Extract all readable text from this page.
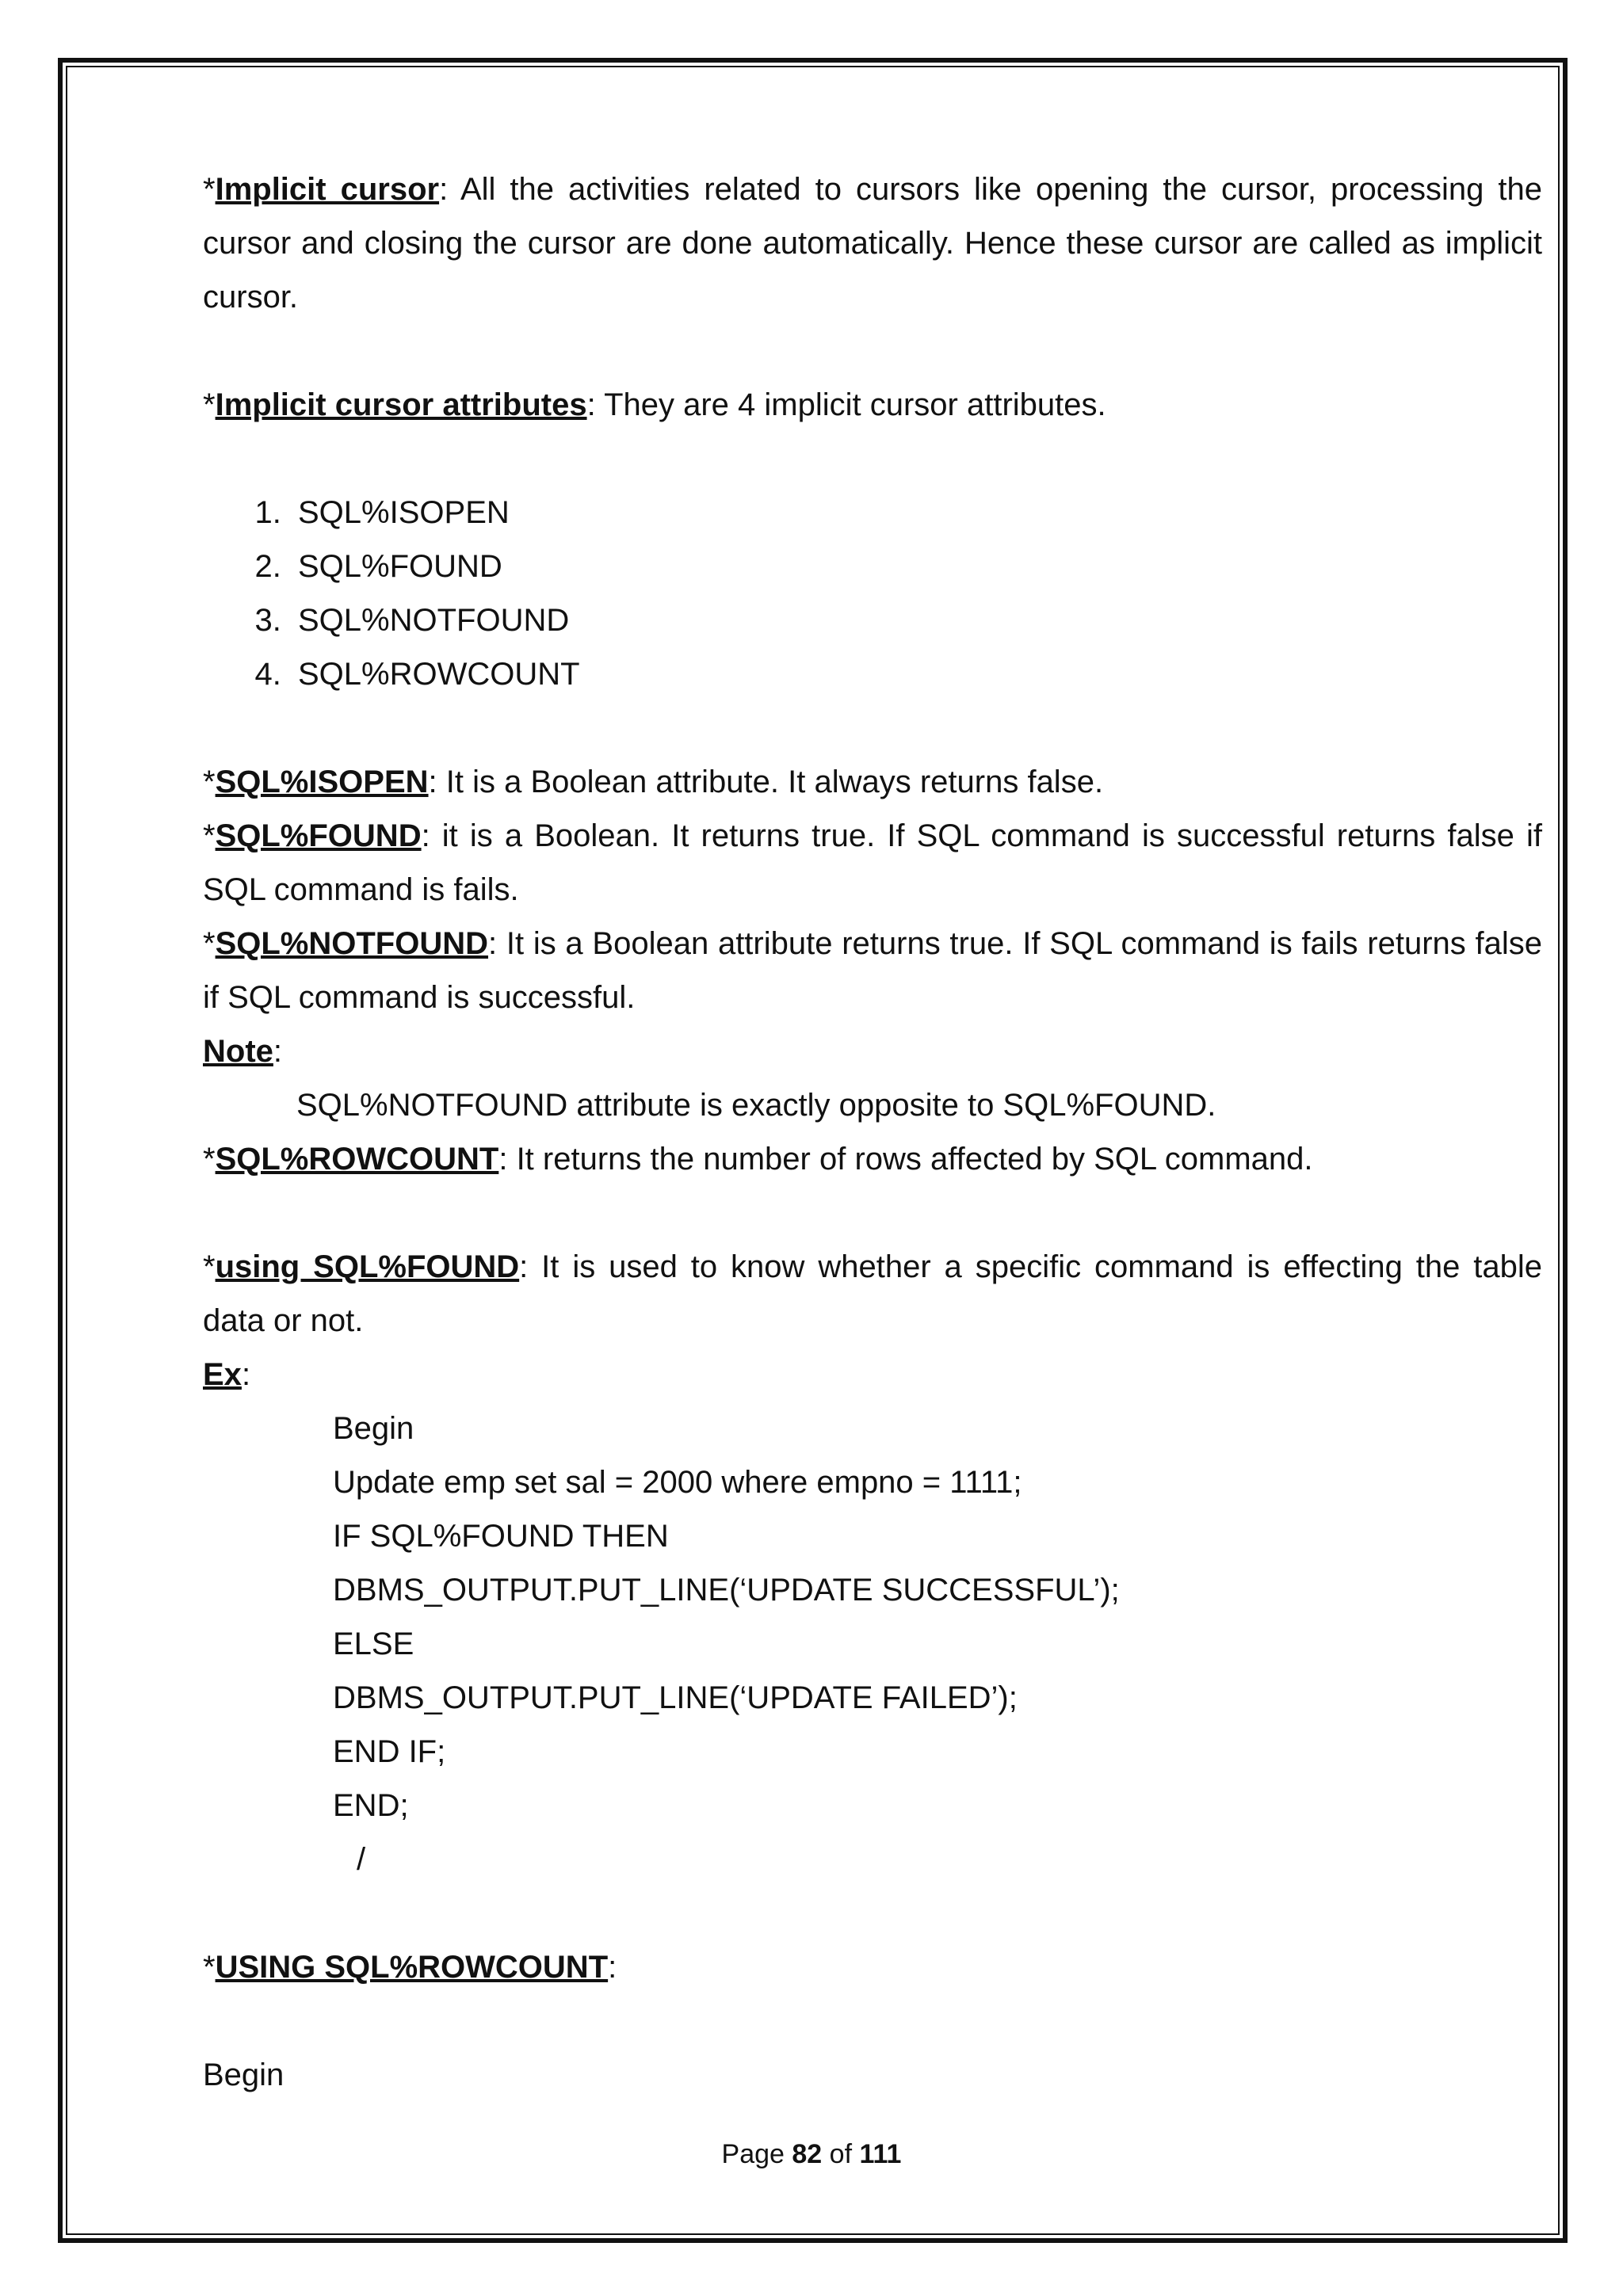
*Implicit cursor: All the activities related to cursors like opening the cursor, processing the cursor and closing the cursor are done automatically. Hence these cursor are called as implicit cursor.

*Implicit cursor attributes: They are 4 implicit cursor attributes.

1. SQL%ISOPEN
2. SQL%FOUND
3. SQL%NOTFOUND
4. SQL%ROWCOUNT

*SQL%ISOPEN: It is a Boolean attribute. It always returns false.

*SQL%FOUND: it is a Boolean. It returns true. If SQL command is successful returns false if SQL command is fails.

*SQL%NOTFOUND: It is a Boolean attribute returns true. If SQL command is fails returns false if SQL command is successful.

Note:

SQL%NOTFOUND attribute is exactly opposite to SQL%FOUND.

*SQL%ROWCOUNT: It returns the number of rows affected by SQL command.

*using SQL%FOUND: It is used to know whether a specific command is effecting the table data or not.

Ex:

Begin
Update emp set sal = 2000 where empno = 1111;
IF SQL%FOUND THEN
DBMS_OUTPUT.PUT_LINE(‘UPDATE SUCCESSFUL’);
ELSE
DBMS_OUTPUT.PUT_LINE(‘UPDATE FAILED’);
END IF;
END;
/

*USING SQL%ROWCOUNT:

Begin

Page 82 of 111
